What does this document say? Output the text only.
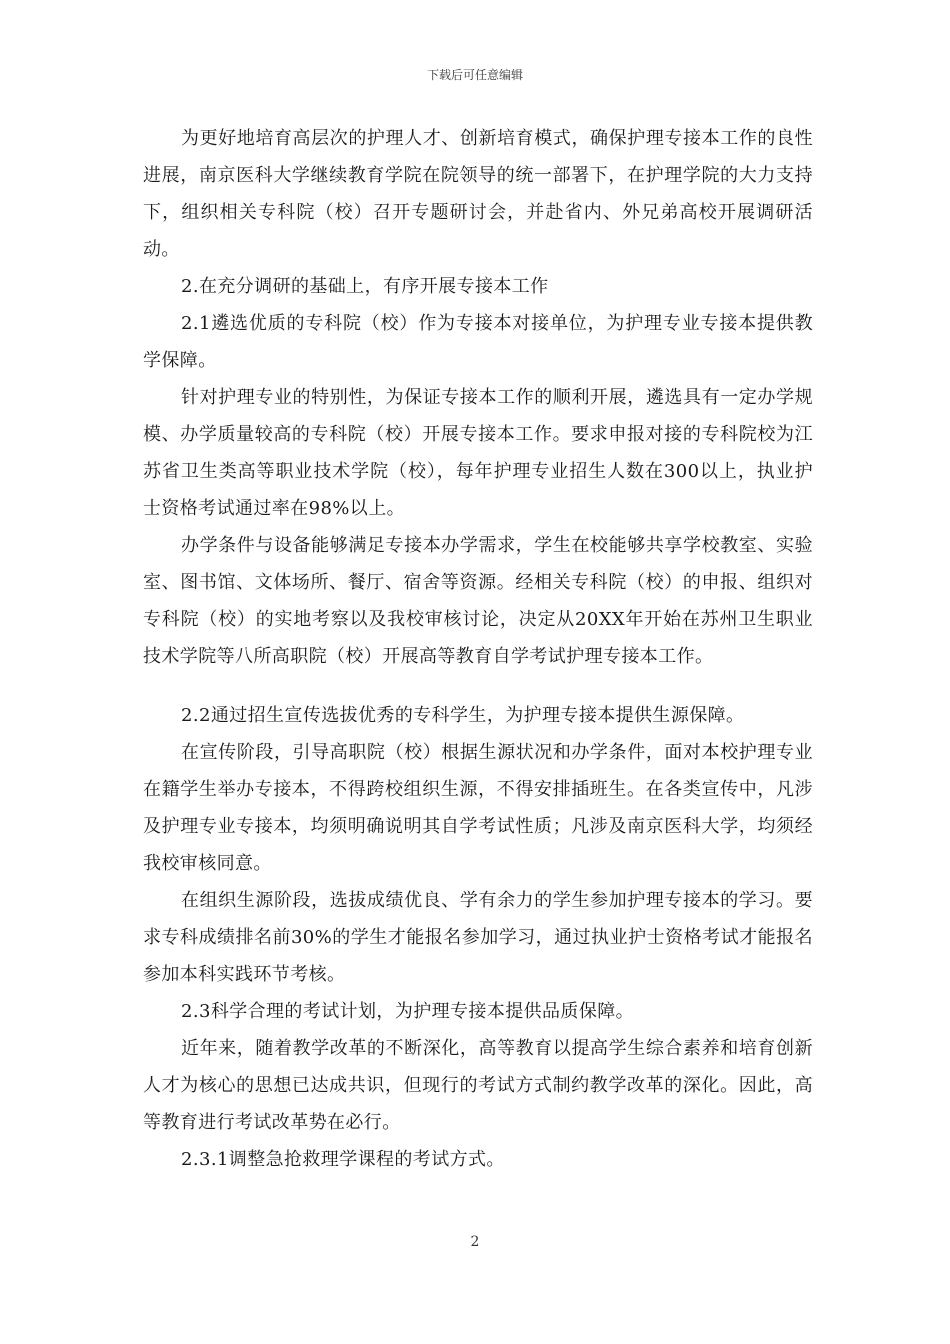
下载后可任意编辑

为更好地培育高层次的护理人才、创新培育模式，确保护理专接本工作的良性进展，南京医科大学继续教育学院在院领导的统一部署下，在护理学院的大力支持下，组织相关专科院（校）召开专题研讨会，并赴省内、外兄弟高校开展调研活动。

2.在充分调研的基础上，有序开展专接本工作

2.1遴选优质的专科院（校）作为专接本对接单位，为护理专业专接本提供教学保障。

针对护理专业的特别性，为保证专接本工作的顺利开展，遴选具有一定办学规模、办学质量较高的专科院（校）开展专接本工作。要求申报对接的专科院校为江苏省卫生类高等职业技术学院（校），每年护理专业招生人数在300以上，执业护士资格考试通过率在98%以上。

办学条件与设备能够满足专接本办学需求，学生在校能够共享学校教室、实验室、图书馆、文体场所、餐厅、宿舍等资源。经相关专科院（校）的申报、组织对专科院（校）的实地考察以及我校审核讨论，决定从20XX年开始在苏州卫生职业技术学院等八所高职院（校）开展高等教育自学考试护理专接本工作。

2.2通过招生宣传选拔优秀的专科学生，为护理专接本提供生源保障。

在宣传阶段，引导高职院（校）根据生源状况和办学条件，面对本校护理专业在籍学生举办专接本，不得跨校组织生源，不得安排插班生。在各类宣传中，凡涉及护理专业专接本，均须明确说明其自学考试性质；凡涉及南京医科大学，均须经我校审核同意。

在组织生源阶段，选拔成绩优良、学有余力的学生参加护理专接本的学习。要求专科成绩排名前30%的学生才能报名参加学习，通过执业护士资格考试才能报名参加本科实践环节考核。

2.3科学合理的考试计划，为护理专接本提供品质保障。

近年来，随着教学改革的不断深化，高等教育以提高学生综合素养和培育创新人才为核心的思想已达成共识，但现行的考试方式制约教学改革的深化。因此，高等教育进行考试改革势在必行。

2.3.1调整急抢救理学课程的考试方式。

2
